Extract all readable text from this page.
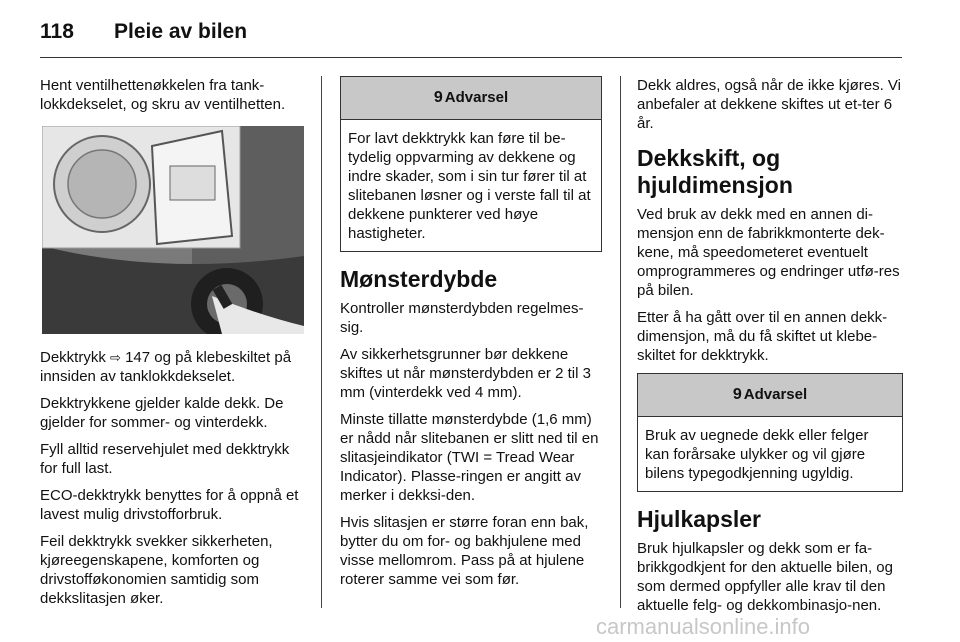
118 Pleie av bilen

Hent ventilhettenøkkelen fra tank-lokkdekselet, og skru av ventilhetten.

Dekktrykk ⇨ 147 og på klebeskiltet på innsiden av tanklokkdekselet.

Dekktrykkene gjelder kalde dekk. De gjelder for sommer- og vinterdekk.

Fyll alltid reservehjulet med dekktrykk for full last.

ECO-dekktrykk benyttes for å oppnå et lavest mulig drivstofforbruk.

Feil dekktrykk svekker sikkerheten, kjøreegenskapene, komforten og drivstofføkonomien samtidig som dekkslitasjen øker.

9 Advarsel
For lavt dekktrykk kan føre til be-tydelig oppvarming av dekkene og indre skader, som i sin tur fører til at slitebanen løsner og i verste fall til at dekkene punkterer ved høye hastigheter.
Mønsterdybde

Kontroller mønsterdybden regelmes-sig.

Av sikkerhetsgrunner bør dekkene skiftes ut når mønsterdybden er 2 til 3 mm (vinterdekk ved 4 mm).

Minste tillatte mønsterdybde (1,6 mm) er nådd når slitebanen er slitt ned til en slitasjeindikator (TWI = Tread Wear Indicator). Plasse-ringen er angitt av merker i dekksi-den.

Hvis slitasjen er større foran enn bak, bytter du om for- og bakhjulene med visse mellomrom. Pass på at hjulene roterer samme vei som før.

Dekk aldres, også når de ikke kjøres. Vi anbefaler at dekkene skiftes ut et-ter 6 år.

Dekkskift, og hjuldimensjon

Ved bruk av dekk med en annen di-mensjon enn de fabrikkmonterte dek-kene, må speedometeret eventuelt omprogrammeres og endringer utfø-res på bilen.

Etter å ha gått over til en annen dekk-dimensjon, må du få skiftet ut klebe-skiltet for dekktrykk.

9 Advarsel
Bruk av uegnede dekk eller felger kan forårsake ulykker og vil gjøre bilens typegodkjenning ugyldig.
Hjulkapsler

Bruk hjulkapsler og dekk som er fa-brikkgodkjent for den aktuelle bilen, og som dermed oppfyller alle krav til den aktuelle felg- og dekkombinasjo-nen.

carmanualsonline.info
